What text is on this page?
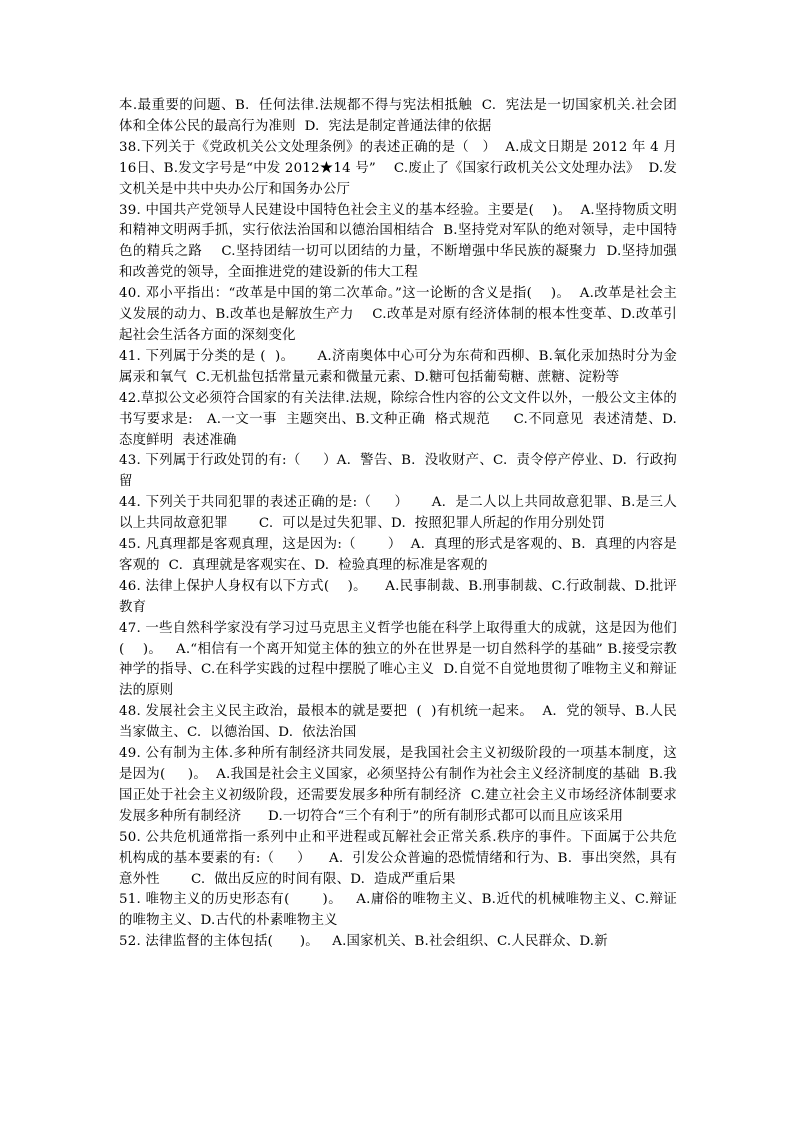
本.最重要的问题、B.  任何法律.法规都不得与宪法相抵触  C.  宪法是一切国家机关.社会团体和全体公民的最高行为准则  D.  宪法是制定普通法律的依据

38.下列关于《党政机关公文处理条例》的表述正确的是（   ）  A.成文日期是 2012 年 4 月16日、B.发文字号是“中发 2012★14 号”    C.废止了《国家行政机关公文处理办法》  D.发文机关是中共中央办公厅和国务办公厅

39. 中国共产党领导人民建设中国特色社会主义的基本经验。主要是(    )。  A.坚持物质文明和精神文明两手抓，实行依法治国和以德治国相结合  B.坚持党对军队的绝对领导，走中国特色的精兵之路    C.坚持团结一切可以团结的力量，不断增强中华民族的凝聚力  D.坚持加强和改善党的领导，全面推进党的建设新的伟大工程

40. 邓小平指出：“改革是中国的第二次革命。”这一论断的含义是指(    )。  A.改革是社会主义发展的动力、B.改革也是解放生产力    C.改革是对原有经济体制的根本性变革、D.改革引起社会生活各方面的深刻变化

41. 下列属于分类的是 (  )。     A.济南奥体中心可分为东荷和西柳、B.氧化汞加热时分为金属汞和氧气  C.无机盐包括常量元素和微量元素、D.糖可包括葡萄糖、蔗糖、淀粉等

42.草拟公文必须符合国家的有关法律.法规，除综合性内容的公文文件以外，一般公文主体的书写要求是:   A.一文一事  主题突出、B.文种正确  格式规范     C.不同意见  表述清楚、D.态度鲜明  表述准确

43. 下列属于行政处罚的有:（     ）A.  警告、B.  没收财产、C.  责令停产停业、D.  行政拘留

44. 下列关于共同犯罪的表述正确的是:（     ）     A.  是二人以上共同故意犯罪、B.是三人以上共同故意犯罪       C.  可以是过失犯罪、D.  按照犯罪人所起的作用分别处罚

45. 凡真理都是客观真理，这是因为:（       ）  A.  真理的形式是客观的、B.  真理的内容是客观的  C.  真理就是客观实在、D.  检验真理的标准是客观的

46. 法律上保护人身权有以下方式(    )。    A.民事制裁、B.刑事制裁、C.行政制裁、D.批评教育

47. 一些自然科学家没有学习过马克思主义哲学也能在科学上取得重大的成就，这是因为他们(    )。   A.“相信有一个离开知觉主体的独立的外在世界是一切自然科学的基础” B.接受宗教神学的指导、C.在科学实践的过程中摆脱了唯心主义  D.自觉不自觉地贯彻了唯物主义和辩证法的原则

48. 发展社会主义民主政治，最根本的就是要把  (  )有机统一起来。  A.  党的领导、B.人民当家做主、C.  以德治国、D.  依法治国

49. 公有制为主体.多种所有制经济共同发展，是我国社会主义初级阶段的一项基本制度，这是因为(     )。  A.我国是社会主义国家，必须坚持公有制作为社会主义经济制度的基础  B.我国正处于社会主义初级阶段，还需要发展多种所有制经济  C.建立社会主义市场经济体制要求发展多种所有制经济      D.一切符合“三个有利于”的所有制形式都可以而且应该采用

50. 公共危机通常指一系列中止和平进程或瓦解社会正常关系.秩序的事件。下面属于公共危机构成的基本要素的有:（     ）    A.  引发公众普遍的恐慌情绪和行为、B.  事出突然，具有意外性       C.  做出反应的时间有限、D.  造成严重后果

51. 唯物主义的历史形态有(       )。   A.庸俗的唯物主义、B.近代的机械唯物主义、C.辩证的唯物主义、D.古代的朴素唯物主义

52. 法律监督的主体包括(      )。   A.国家机关、B.社会组织、C.人民群众、D.新
